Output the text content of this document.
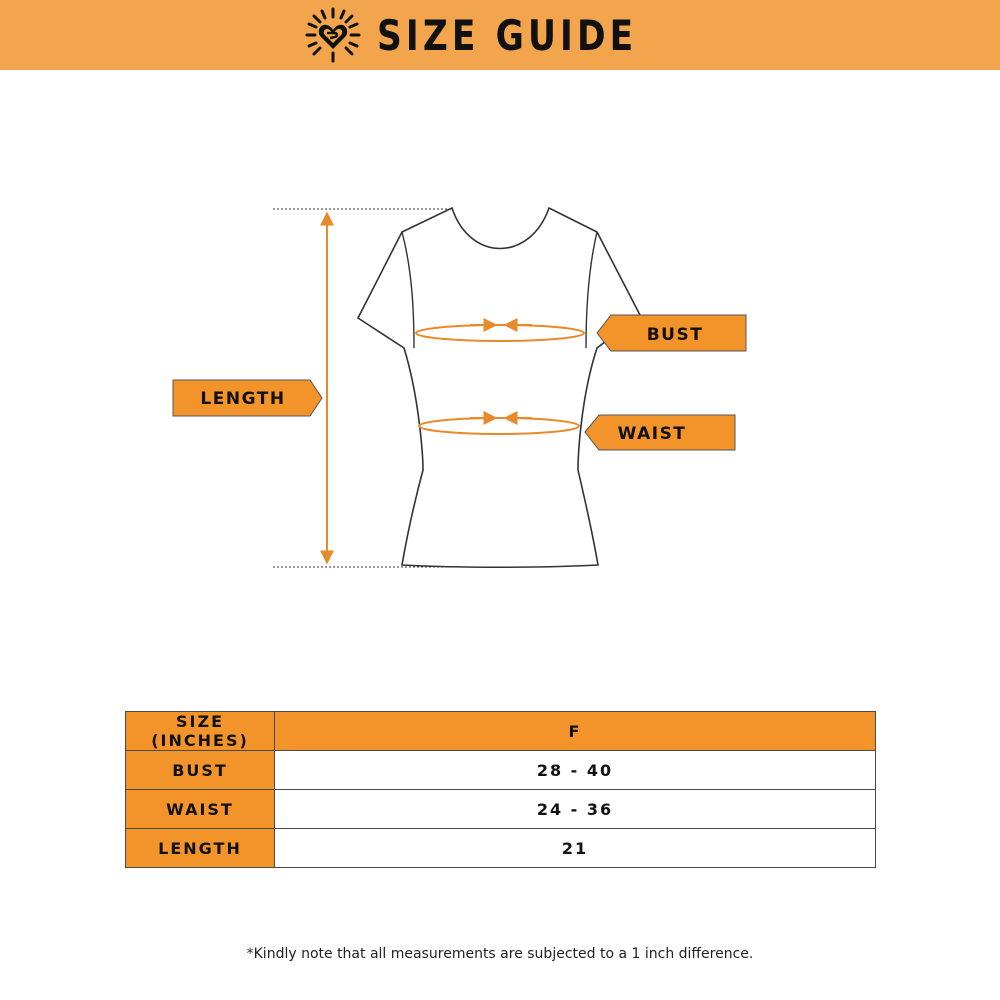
SIZE GUIDE
LENGTH
BUST
WAIST
SIZE (INCHES)	F
BUST	28 - 40
WAIST	24 - 36
LENGTH	21
*Kindly note that all measurements are subjected to a 1 inch difference.
